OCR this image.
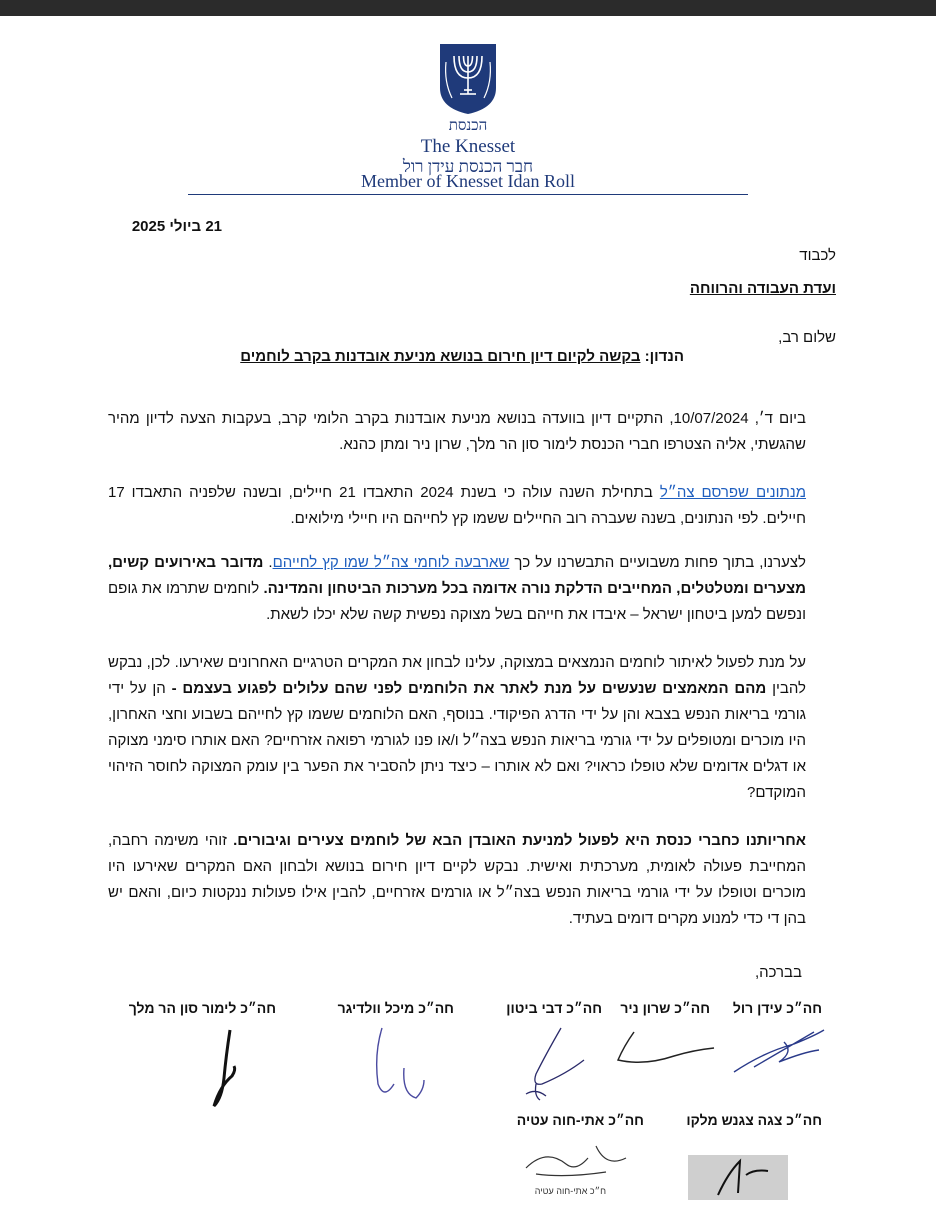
הכנסת
The Knesset
חבר הכנסת עידן רול
Member of Knesset Idan Roll
21 ביולי 2025
לכבוד
ועדת העבודה והרווחה
שלום רב,
הנדון: בקשה לקיום דיון חירום בנושא מניעת אובדנות בקרב לוחמים
ביום ד׳, 10/07/2024, התקיים דיון בוועדה בנושא מניעת אובדנות בקרב הלומי קרב, בעקבות הצעה לדיון מהיר שהגשתי, אליה הצטרפו חברי הכנסת לימור סון הר מלך, שרון ניר ומתן כהנא.
מנתונים שפרסם צה״ל בתחילת השנה עולה כי בשנת 2024 התאבדו 21 חיילים, ובשנה שלפניה התאבדו 17 חיילים. לפי הנתונים, בשנה שעברה רוב החיילים ששמו קץ לחייהם היו חיילי מילואים.
לצערנו, בתוך פחות משבועיים התבשרנו על כך שארבעה לוחמי צה״ל שמו קץ לחייהם. מדובר באירועים קשים, מצערים ומטלטלים, המחייבים הדלקת נורה אדומה בכל מערכות הביטחון והמדינה. לוחמים שתרמו את גופם ונפשם למען ביטחון ישראל – איבדו את חייהם בשל מצוקה נפשית קשה שלא יכלו לשאת.
על מנת לפעול לאיתור לוחמים הנמצאים במצוקה, עלינו לבחון את המקרים הטרגיים האחרונים שאירעו. לכן, נבקש להבין מהם המאמצים שנעשים על מנת לאתר את הלוחמים לפני שהם עלולים לפגוע בעצמם - הן על ידי גורמי בריאות הנפש בצבא והן על ידי הדרג הפיקודי. בנוסף, האם הלוחמים ששמו קץ לחייהם בשבוע וחצי האחרון, היו מוכרים ומטופלים על ידי גורמי בריאות הנפש בצה״ל ו/או פנו לגורמי רפואה אזרחיים? האם אותרו סימני מצוקה או דגלים אדומים שלא טופלו כראוי? ואם לא אותרו – כיצד ניתן להסביר את הפער בין עומק המצוקה לחוסר הזיהוי המוקדם?
אחריותנו כחברי כנסת היא לפעול למניעת האובדן הבא של לוחמים צעירים וגיבורים. זוהי משימה רחבה, המחייבת פעולה לאומית, מערכתית ואישית. נבקש לקיים דיון חירום בנושא ולבחון האם המקרים שאירעו היו מוכרים וטופלו על ידי גורמי בריאות הנפש בצה״ל או גורמים אזרחיים, להבין אילו פעולות ננקטות כיום, והאם יש בהן די כדי למנוע מקרים דומים בעתיד.
בברכה,
חה״כ עידן רול
חה״כ שרון ניר
חה״כ דבי ביטון
חה״כ מיכל וולדיגר
חה״כ לימור סון הר מלך
חה״כ צגה צגנש מלקו
חה״כ אתי-חוה עטיה
ח״כ אתי-חוה עטיה
